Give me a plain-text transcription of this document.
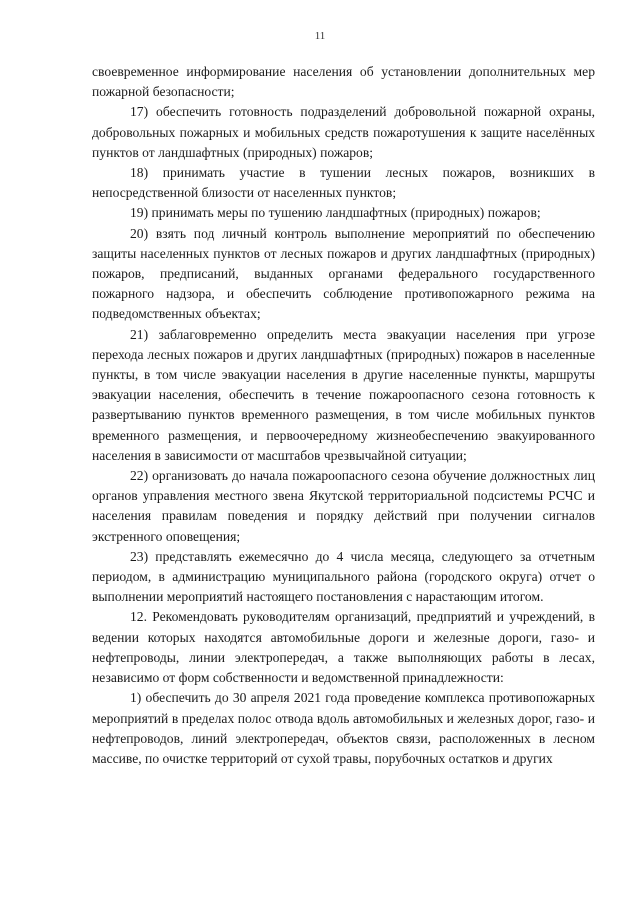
11

своевременное информирование населения об установлении дополнительных мер пожарной безопасности;

17) обеспечить готовность подразделений добровольной пожарной охраны, добровольных пожарных и мобильных средств пожаротушения к защите населённых пунктов от ландшафтных (природных) пожаров;

18) принимать участие в тушении лесных пожаров, возникших в непосредственной близости от населенных пунктов;

19) принимать меры по тушению ландшафтных (природных) пожаров;

20) взять под личный контроль выполнение мероприятий по обеспечению защиты населенных пунктов от лесных пожаров и других ландшафтных (природных) пожаров, предписаний, выданных органами федерального государственного пожарного надзора, и обеспечить соблюдение противопожарного режима на подведомственных объектах;

21) заблаговременно определить места эвакуации населения при угрозе перехода лесных пожаров и других ландшафтных (природных) пожаров в населенные пункты, в том числе эвакуации населения в другие населенные пункты, маршруты эвакуации населения, обеспечить в течение пожароопасного сезона готовность к развертыванию пунктов временного размещения, в том числе мобильных пунктов временного размещения, и первоочередному жизнеобеспечению эвакуированного населения в зависимости от масштабов чрезвычайной ситуации;

22) организовать до начала пожароопасного сезона обучение должностных лиц органов управления местного звена Якутской территориальной подсистемы РСЧС и населения правилам поведения и порядку действий при получении сигналов экстренного оповещения;

23) представлять ежемесячно до 4 числа месяца, следующего за отчетным периодом, в администрацию муниципального района (городского округа) отчет о выполнении мероприятий настоящего постановления с нарастающим итогом.

12. Рекомендовать руководителям организаций, предприятий и учреждений, в ведении которых находятся автомобильные дороги и железные дороги, газо- и нефтепроводы, линии электропередач, а также выполняющих работы в лесах, независимо от форм собственности и ведомственной принадлежности:

1) обеспечить до 30 апреля 2021 года проведение комплекса противопожарных мероприятий в пределах полос отвода вдоль автомобильных и железных дорог, газо- и нефтепроводов, линий электропередач, объектов связи, расположенных в лесном массиве, по очистке территорий от сухой травы, порубочных остатков и других
